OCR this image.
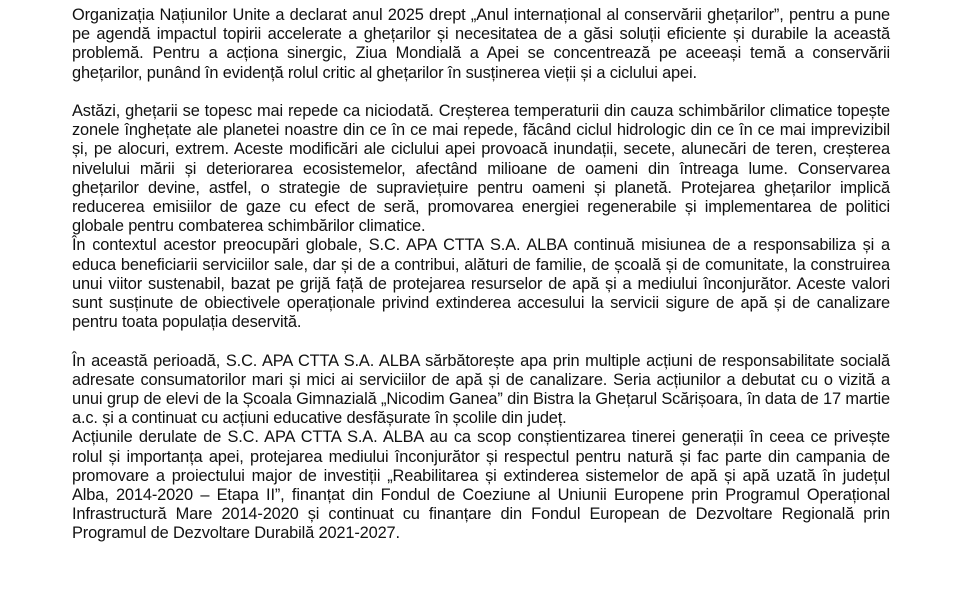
Organizația Națiunilor Unite a declarat anul 2025 drept „Anul internațional al conservării ghețarilor”, pentru a pune pe agendă impactul topirii accelerate a ghețarilor și necesitatea de a găsi soluții eficiente și durabile la această problemă. Pentru a acționa sinergic, Ziua Mondială a Apei se concentrează pe aceeași temă a conservării ghețarilor, punând în evidență rolul critic al ghețarilor în susținerea vieții și a ciclului apei.

Astăzi, ghețarii se topesc mai repede ca niciodată. Creșterea temperaturii din cauza schimbărilor climatice topește zonele înghețate ale planetei noastre din ce în ce mai repede, făcând ciclul hidrologic din ce în ce mai imprevizibil și, pe alocuri, extrem. Aceste modificări ale ciclului apei provoacă inundații, secete, alunecări de teren, creșterea nivelului mării și deteriorarea ecosistemelor, afectând milioane de oameni din întreaga lume. Conservarea ghețarilor devine, astfel, o strategie de supraviețuire pentru oameni și planetă. Protejarea ghețarilor implică reducerea emisiilor de gaze cu efect de seră, promovarea energiei regenerabile și implementarea de politici globale pentru combaterea schimbărilor climatice.

În contextul acestor preocupări globale, S.C. APA CTTA S.A. ALBA continuă misiunea de a responsabiliza și a educa beneficiarii serviciilor sale, dar și de a contribui, alături de familie, de școală și de comunitate, la construirea unui viitor sustenabil, bazat pe grijă față de protejarea resurselor de apă și a mediului înconjurător. Aceste valori sunt susținute de obiectivele operaționale privind extinderea accesului la servicii sigure de apă și de canalizare pentru toata populația deservită.

În această perioadă, S.C. APA CTTA S.A. ALBA sărbătorește apa prin multiple acțiuni de responsabilitate socială adresate consumatorilor mari și mici ai serviciilor de apă și de canalizare. Seria acțiunilor a debutat cu o vizită a unui grup de elevi de la Școala Gimnazială „Nicodim Ganea” din Bistra la Ghețarul Scărișoara, în data de 17 martie a.c. și a continuat cu acțiuni educative desfășurate în școlile din județ.

Acțiunile derulate de S.C. APA CTTA S.A. ALBA au ca scop conștientizarea tinerei generații în ceea ce privește rolul și importanța apei, protejarea mediului înconjurător și respectul pentru natură și fac parte din campania de promovare a proiectului major de investiții „Reabilitarea și extinderea sistemelor de apă și apă uzată în județul Alba, 2014-2020 – Etapa II”, finanțat din Fondul de Coeziune al Uniunii Europene prin Programul Operațional Infrastructură Mare 2014-2020 și continuat cu finanțare din Fondul European de Dezvoltare Regională prin Programul de Dezvoltare Durabilă 2021-2027.
